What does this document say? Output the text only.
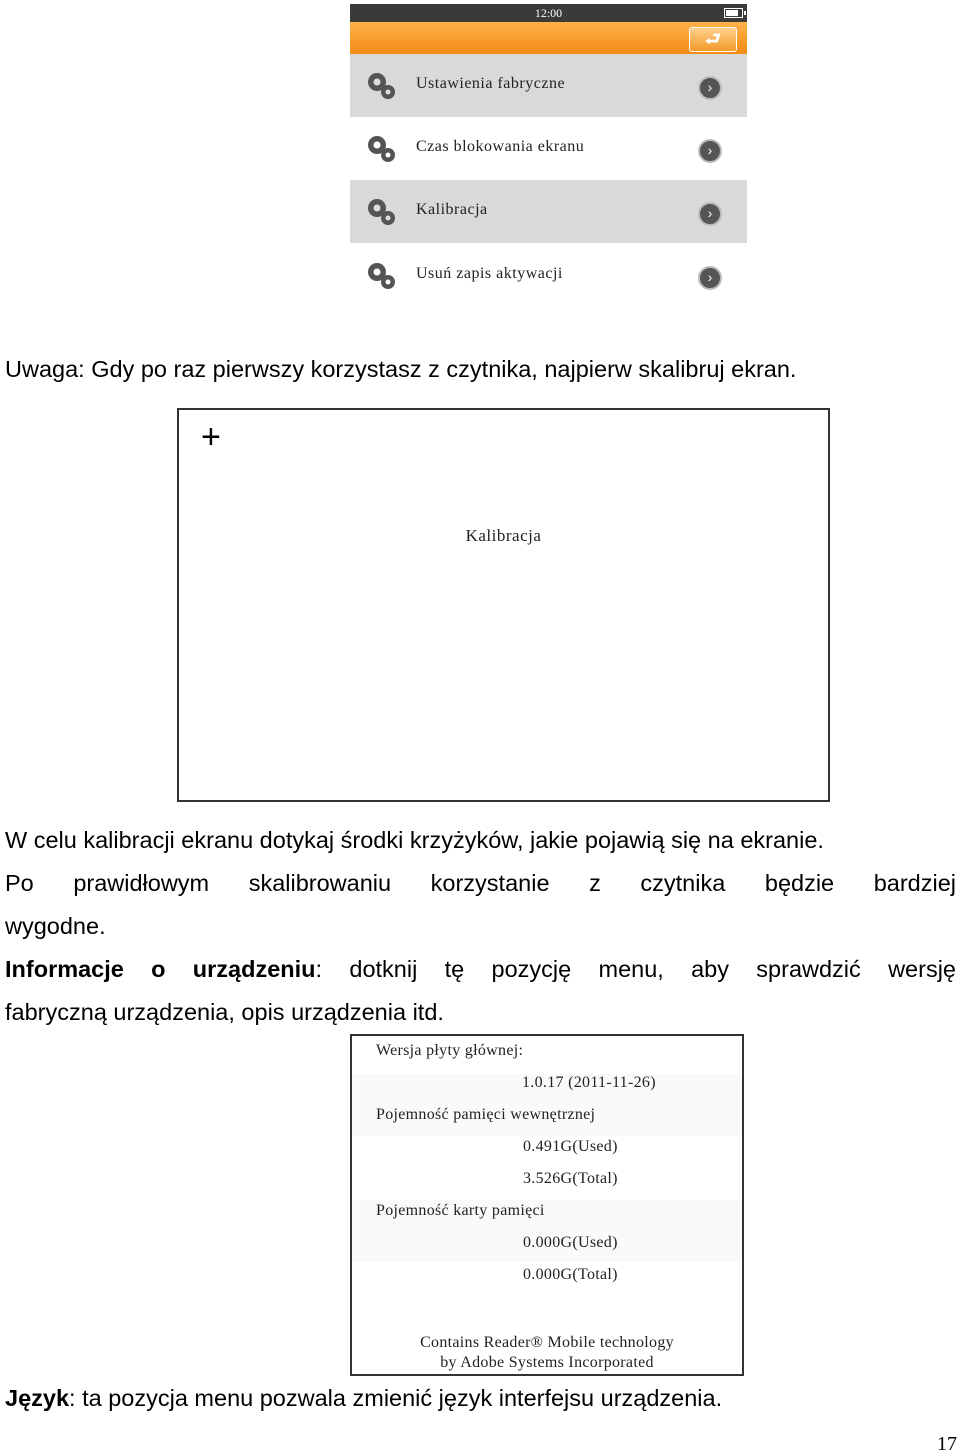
12:00
⮐
Ustawienia fabryczne	›
Czas blokowania ekranu	›
Kalibracja	›
Usuń zapis aktywacji	›
Uwaga: Gdy po raz pierwszy korzystasz z czytnika, najpierw skalibruj ekran.
+
Kalibracja
W celu kalibracji ekranu dotykaj środki krzyżyków, jakie pojawią się na ekranie.
Po prawidłowym skalibrowaniu korzystanie z czytnika będzie bardziej
wygodne.
Informacje o urządzeniu: dotknij tę pozycję menu, aby sprawdzić wersję
fabryczną urządzenia, opis urządzenia itd.
Wersja płyty głównej:
1.0.17 (2011-11-26)
Pojemność pamięci wewnętrznej
0.491G(Used)
3.526G(Total)
Pojemność karty pamięci
0.000G(Used)
0.000G(Total)
Contains Reader® Mobile technology
by Adobe Systems Incorporated
Język: ta pozycja menu pozwala zmienić język interfejsu urządzenia.
17
